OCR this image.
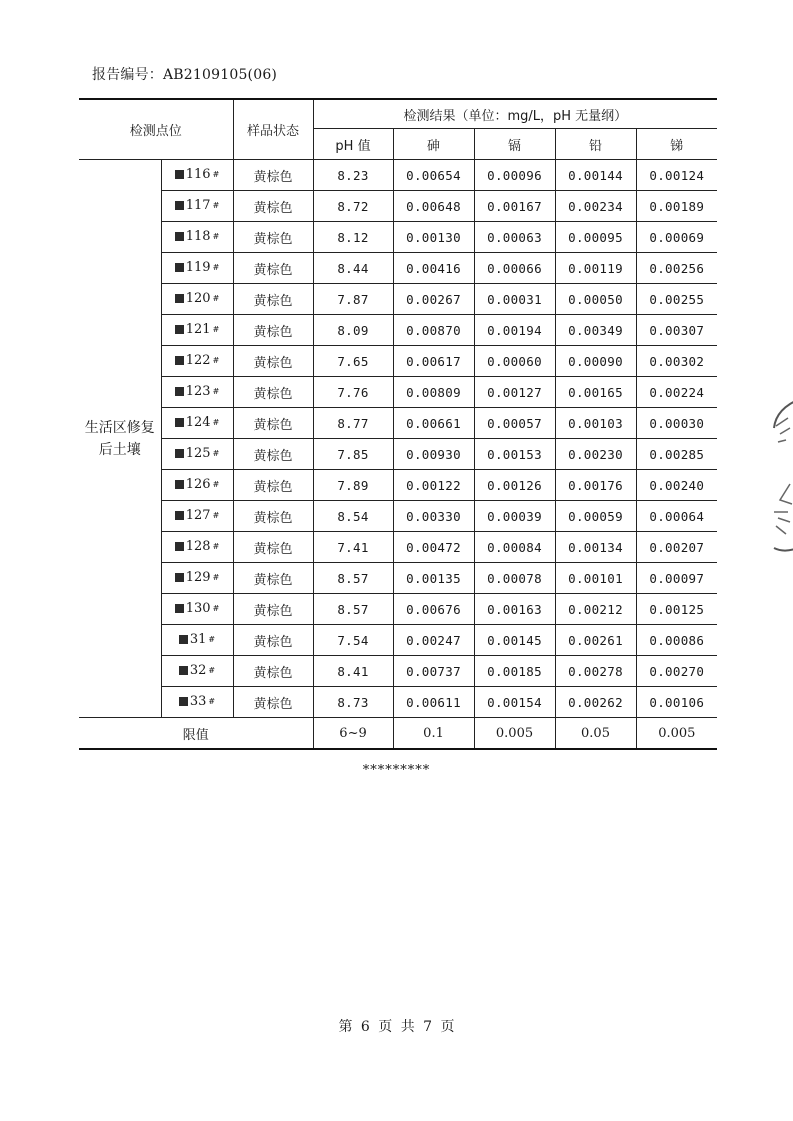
报告编号：AB2109105(06)
检测点位		样品状态	检测结果（单位：mg/L，pH 无量纲）				
			pH 值	砷	镉	铅	锑
生活区修复后土壤	116 #	黄棕色	8.23	0.00654	0.00096	0.00144	0.00124

	117 #	黄棕色	8.72	0.00648	0.00167	0.00234	0.00189

	118 #	黄棕色	8.12	0.00130	0.00063	0.00095	0.00069

	119 #	黄棕色	8.44	0.00416	0.00066	0.00119	0.00256

	120 #	黄棕色	7.87	0.00267	0.00031	0.00050	0.00255

	121 #	黄棕色	8.09	0.00870	0.00194	0.00349	0.00307

	122 #	黄棕色	7.65	0.00617	0.00060	0.00090	0.00302

	123 #	黄棕色	7.76	0.00809	0.00127	0.00165	0.00224

	124 #	黄棕色	8.77	0.00661	0.00057	0.00103	0.00030

	125 #	黄棕色	7.85	0.00930	0.00153	0.00230	0.00285

	126 #	黄棕色	7.89	0.00122	0.00126	0.00176	0.00240

	127 #	黄棕色	8.54	0.00330	0.00039	0.00059	0.00064

	128 #	黄棕色	7.41	0.00472	0.00084	0.00134	0.00207

	129 #	黄棕色	8.57	0.00135	0.00078	0.00101	0.00097

	130 #	黄棕色	8.57	0.00676	0.00163	0.00212	0.00125

	31 #	黄棕色	7.54	0.00247	0.00145	0.00261	0.00086

	32 #	黄棕色	8.41	0.00737	0.00185	0.00278	0.00270

	33 #	黄棕色	8.73	0.00611	0.00154	0.00262	0.00106
限值			6~9	0.1	0.005	0.05	0.005
*********
第 6 页 共 7 页
